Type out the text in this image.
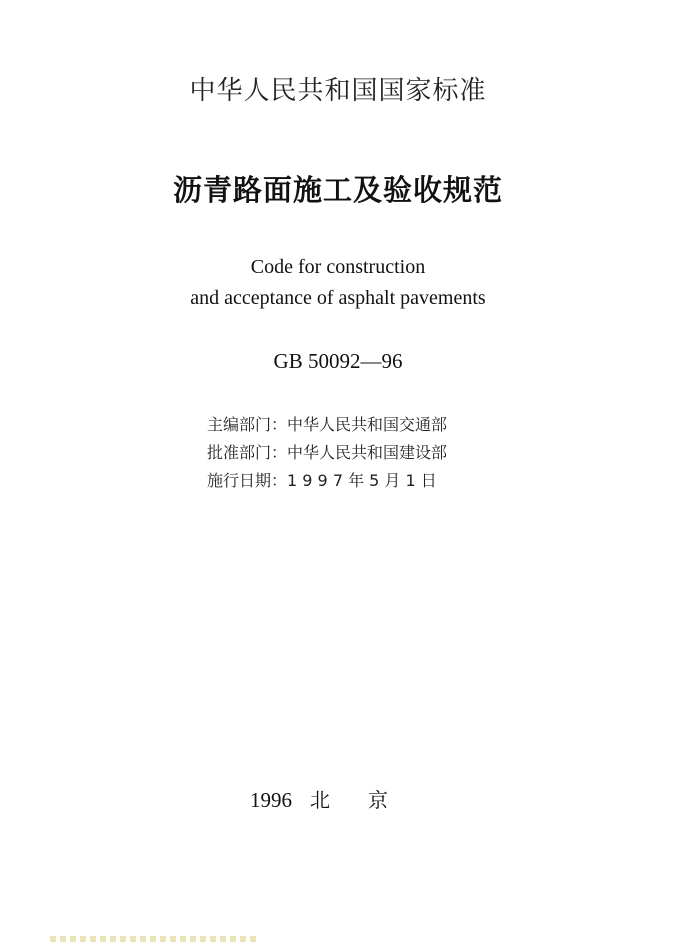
中华人民共和国国家标准
沥青路面施工及验收规范
Code for construction
and acceptance of asphalt pavements
GB 50092—96
主编部门：中华人民共和国交通部
批准部门：中华人民共和国建设部
施行日期：1 9 9 7 年 5 月 1 日
1996 北京
